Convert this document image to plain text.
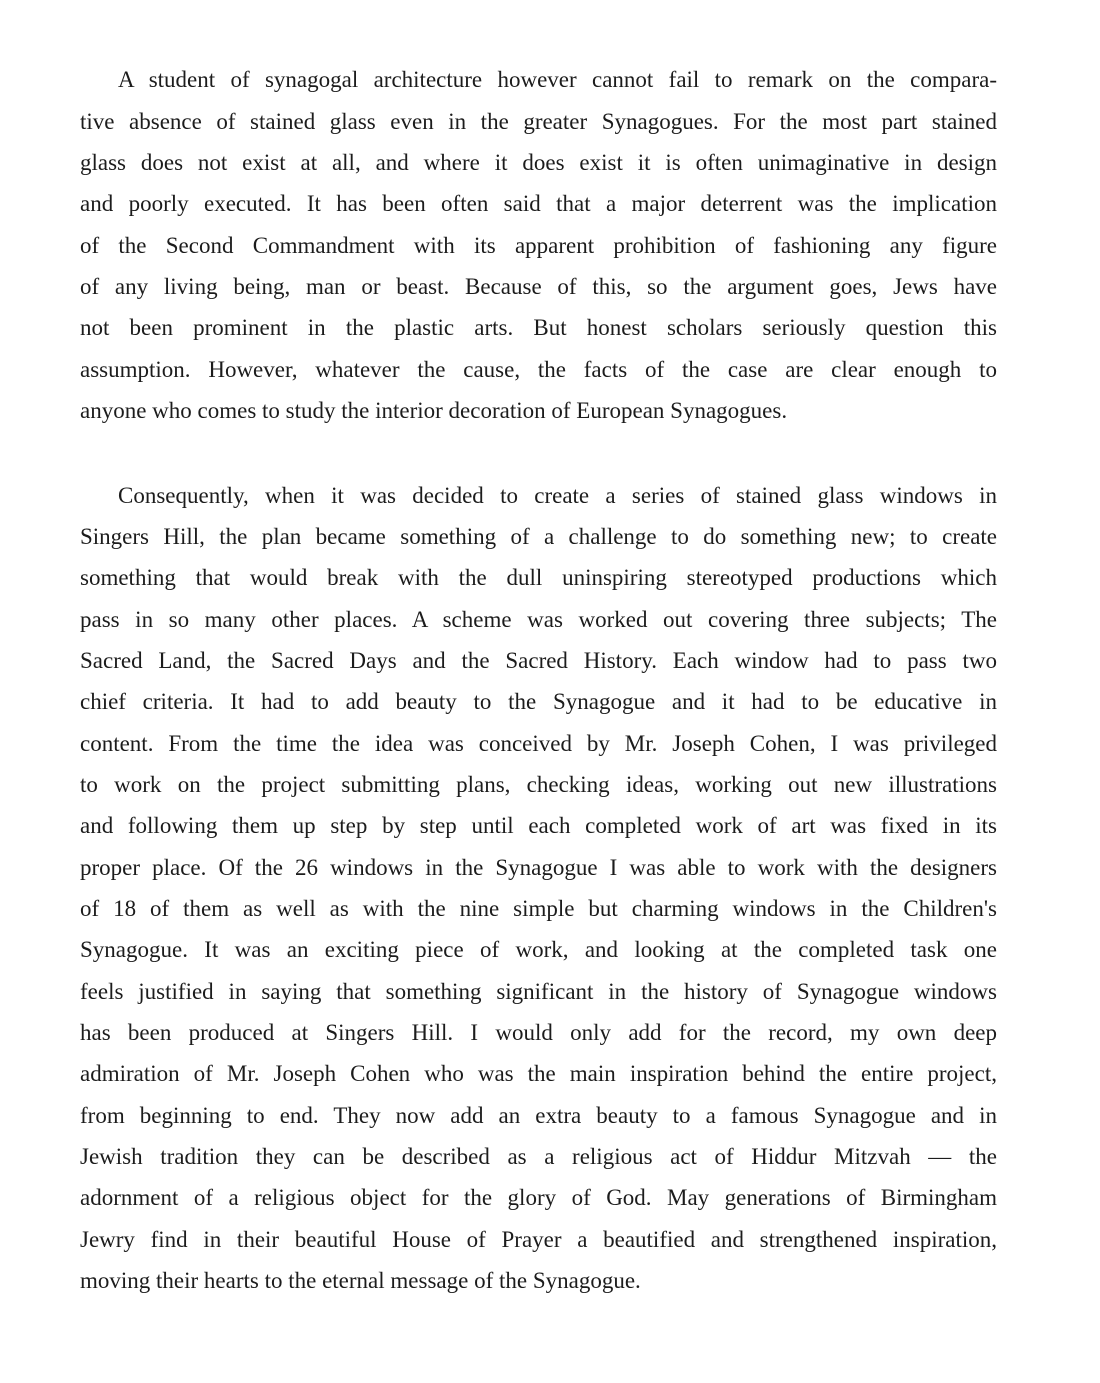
A student of synagogal architecture however cannot fail to remark on the compara-

tive absence of stained glass even in the greater Synagogues. For the most part stained

glass does not exist at all, and where it does exist it is often unimaginative in design

and poorly executed. It has been often said that a major deterrent was the implication

of the Second Commandment with its apparent prohibition of fashioning any figure

of any living being, man or beast. Because of this, so the argument goes, Jews have

not been prominent in the plastic arts. But honest scholars seriously question this

assumption. However, whatever the cause, the facts of the case are clear enough to

anyone who comes to study the interior decoration of European Synagogues.

Consequently, when it was decided to create a series of stained glass windows in

Singers Hill, the plan became something of a challenge to do something new; to create

something that would break with the dull uninspiring stereotyped productions which

pass in so many other places. A scheme was worked out covering three subjects; The

Sacred Land, the Sacred Days and the Sacred History. Each window had to pass two

chief criteria. It had to add beauty to the Synagogue and it had to be educative in

content. From the time the idea was conceived by Mr. Joseph Cohen, I was privileged

to work on the project submitting plans, checking ideas, working out new illustrations

and following them up step by step until each completed work of art was fixed in its

proper place. Of the 26 windows in the Synagogue I was able to work with the designers

of 18 of them as well as with the nine simple but charming windows in the Children's

Synagogue. It was an exciting piece of work, and looking at the completed task one

feels justified in saying that something significant in the history of Synagogue windows

has been produced at Singers Hill. I would only add for the record, my own deep

admiration of Mr. Joseph Cohen who was the main inspiration behind the entire project,

from beginning to end. They now add an extra beauty to a famous Synagogue and in

Jewish tradition they can be described as a religious act of Hiddur Mitzvah — the

adornment of a religious object for the glory of God. May generations of Birmingham

Jewry find in their beautiful House of Prayer a beautified and strengthened inspiration,

moving their hearts to the eternal message of the Synagogue.
